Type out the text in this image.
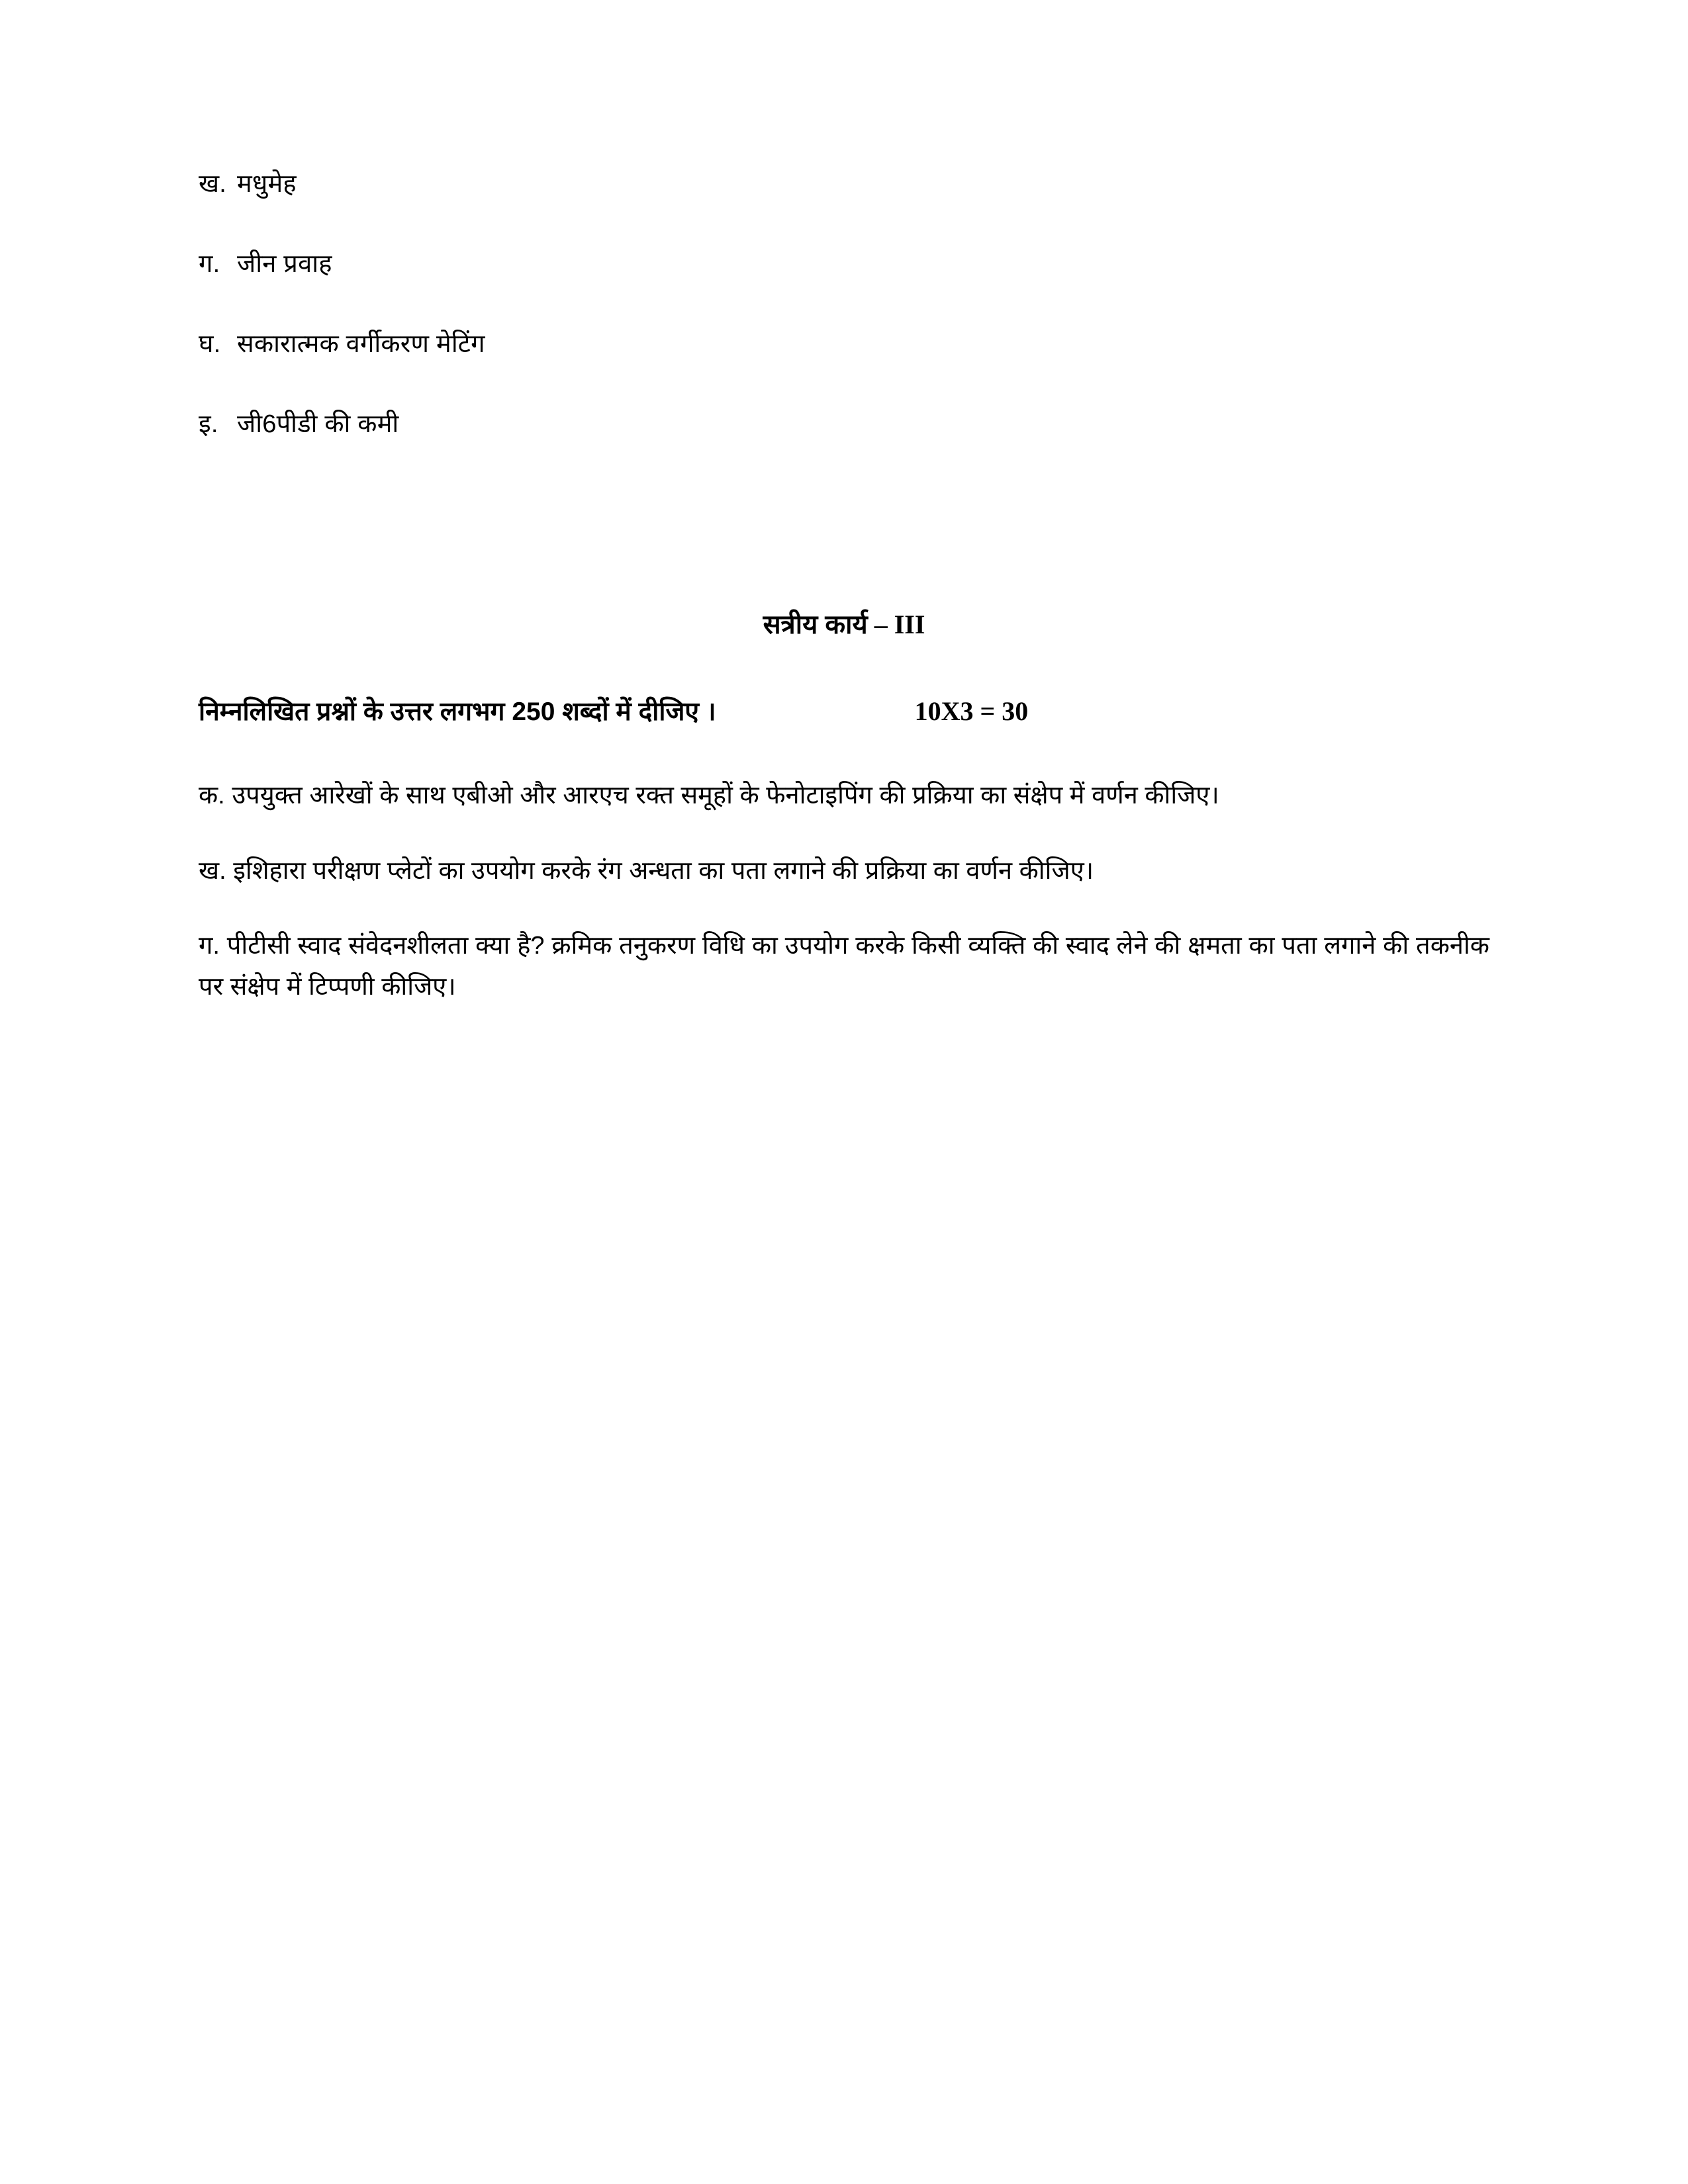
ख. मधुमेह

ग. जीन प्रवाह

घ. सकारात्मक वर्गीकरण मेटिंग

इ. जी6पीडी की कमी

सत्रीय कार्य – III
निम्नलिखित प्रश्नों के उत्तर लगभग 250 शब्दों में दीजिए ।	10X3 = 30

क. उपयुक्त आरेखों के साथ एबीओ और आरएच रक्त समूहों के फेनोटाइपिंग की प्रक्रिया का संक्षेप में वर्णन कीजिए।

ख. इशिहारा परीक्षण प्लेटों का उपयोग करके रंग अन्धता का पता लगाने की प्रक्रिया का वर्णन कीजिए।

ग. पीटीसी स्वाद संवेदनशीलता क्या है? क्रमिक तनुकरण विधि का उपयोग करके किसी व्यक्ति की स्वाद लेने की क्षमता का पता लगाने की तकनीक पर संक्षेप में टिप्पणी कीजिए।
